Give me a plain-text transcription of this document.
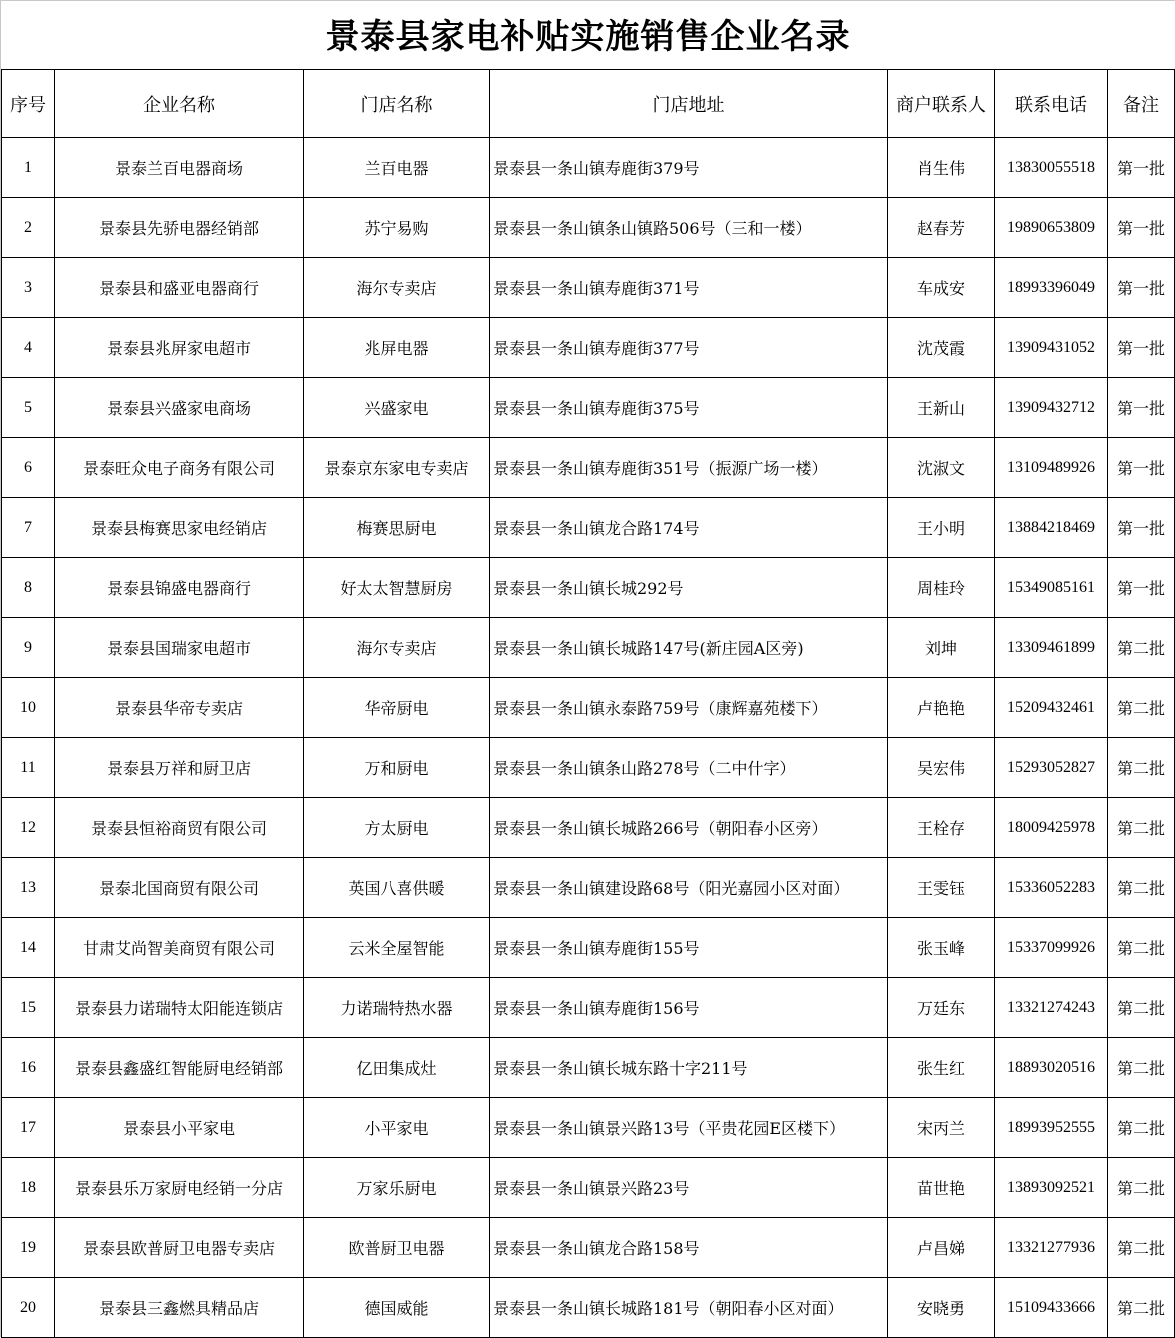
景泰县家电补贴实施销售企业名录
序号	企业名称	门店名称	门店地址	商户联系人	联系电话	备注
1	景泰兰百电器商场	兰百电器	景泰县一条山镇寿鹿街379号	肖生伟	13830055518	第一批
2	景泰县先骄电器经销部	苏宁易购	景泰县一条山镇条山镇路506号（三和一楼）	赵春芳	19890653809	第一批
3	景泰县和盛亚电器商行	海尔专卖店	景泰县一条山镇寿鹿街371号	车成安	18993396049	第一批
4	景泰县兆屏家电超市	兆屏电器	景泰县一条山镇寿鹿街377号	沈茂霞	13909431052	第一批
5	景泰县兴盛家电商场	兴盛家电	景泰县一条山镇寿鹿街375号	王新山	13909432712	第一批
6	景泰旺众电子商务有限公司	景泰京东家电专卖店	景泰县一条山镇寿鹿街351号（振源广场一楼）	沈淑文	13109489926	第一批
7	景泰县梅赛思家电经销店	梅赛思厨电	景泰县一条山镇龙合路174号	王小明	13884218469	第一批
8	景泰县锦盛电器商行	好太太智慧厨房	景泰县一条山镇长城292号	周桂玲	15349085161	第一批
9	景泰县国瑞家电超市	海尔专卖店	景泰县一条山镇长城路147号(新庄园A区旁)	刘坤	13309461899	第二批
10	景泰县华帝专卖店	华帝厨电	景泰县一条山镇永泰路759号（康辉嘉苑楼下）	卢艳艳	15209432461	第二批
11	景泰县万祥和厨卫店	万和厨电	景泰县一条山镇条山路278号（二中什字）	吴宏伟	15293052827	第二批
12	景泰县恒裕商贸有限公司	方太厨电	景泰县一条山镇长城路266号（朝阳春小区旁）	王栓存	18009425978	第二批
13	景泰北国商贸有限公司	英国八喜供暖	景泰县一条山镇建设路68号（阳光嘉园小区对面）	王雯钰	15336052283	第二批
14	甘肃艾尚智美商贸有限公司	云米全屋智能	景泰县一条山镇寿鹿街155号	张玉峰	15337099926	第二批
15	景泰县力诺瑞特太阳能连锁店	力诺瑞特热水器	景泰县一条山镇寿鹿街156号	万廷东	13321274243	第二批
16	景泰县鑫盛红智能厨电经销部	亿田集成灶	景泰县一条山镇长城东路十字211号	张生红	18893020516	第二批
17	景泰县小平家电	小平家电	景泰县一条山镇景兴路13号（平贵花园E区楼下）	宋丙兰	18993952555	第二批
18	景泰县乐万家厨电经销一分店	万家乐厨电	景泰县一条山镇景兴路23号	苗世艳	13893092521	第二批
19	景泰县欧普厨卫电器专卖店	欧普厨卫电器	景泰县一条山镇龙合路158号	卢昌娣	13321277936	第二批
20	景泰县三鑫燃具精品店	德国威能	景泰县一条山镇长城路181号（朝阳春小区对面）	安晓勇	15109433666	第二批
